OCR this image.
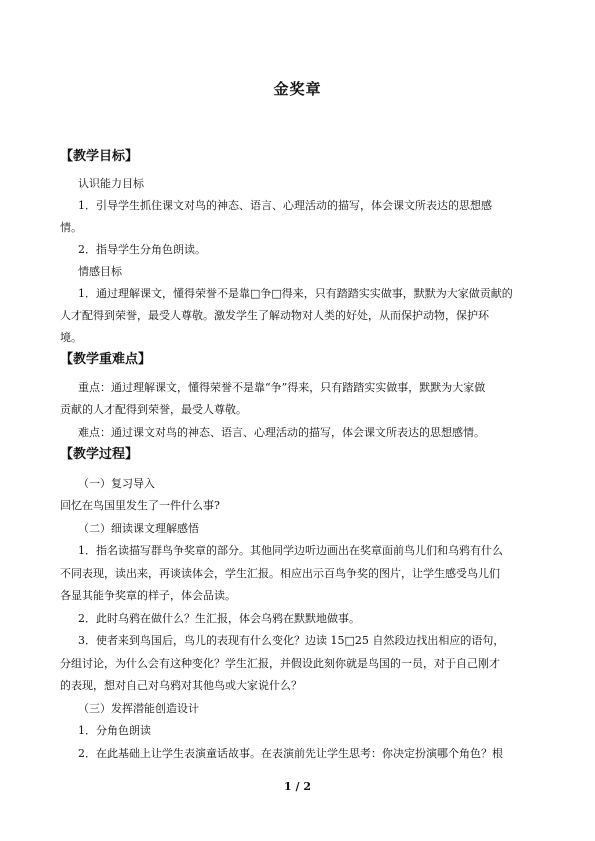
金奖章
【教学目标】
认识能力目标
1．引导学生抓住课文对鸟的神态、语言、心理活动的描写，体会课文所表达的思想感
情。
2．指导学生分角色朗读。
情感目标
1．通过理解课文，懂得荣誉不是靠□争□得来，只有踏踏实实做事，默默为大家做贡献的
人才配得到荣誉，最受人尊敬。激发学生了解动物对人类的好处，从而保护动物，保护环
境。
【教学重难点】
重点：通过理解课文，懂得荣誉不是靠“争”得来，只有踏踏实实做事，默默为大家做
贡献的人才配得到荣誉，最受人尊敬。
难点：通过课文对鸟的神态、语言、心理活动的描写，体会课文所表达的思想感情。
【教学过程】
（一）复习导入
回忆在鸟国里发生了一件什么事?
（二）细读课文理解感悟
1．指名读描写群鸟争奖章的部分。其他同学边听边画出在奖章面前鸟儿们和乌鸦有什么
不同表现，读出来，再谈读体会，学生汇报。相应出示百鸟争奖的图片，让学生感受鸟儿们
各显其能争奖章的样子，体会品读。
2．此时乌鸦在做什么？生汇报，体会乌鸦在默默地做事。
3．使者来到鸟国后，鸟儿的表现有什么变化？边读 15□25 自然段边找出相应的语句，
分组讨论，为什么会有这种变化？学生汇报，并假设此刻你就是鸟国的一员，对于自己刚才
的表现，想对自己对乌鸦对其他鸟或大家说什么？
（三）发挥潜能创造设计
1．分角色朗读
2．在此基础上让学生表演童话故事。在表演前先让学生思考：你决定扮演哪个角色？根
1 / 2
